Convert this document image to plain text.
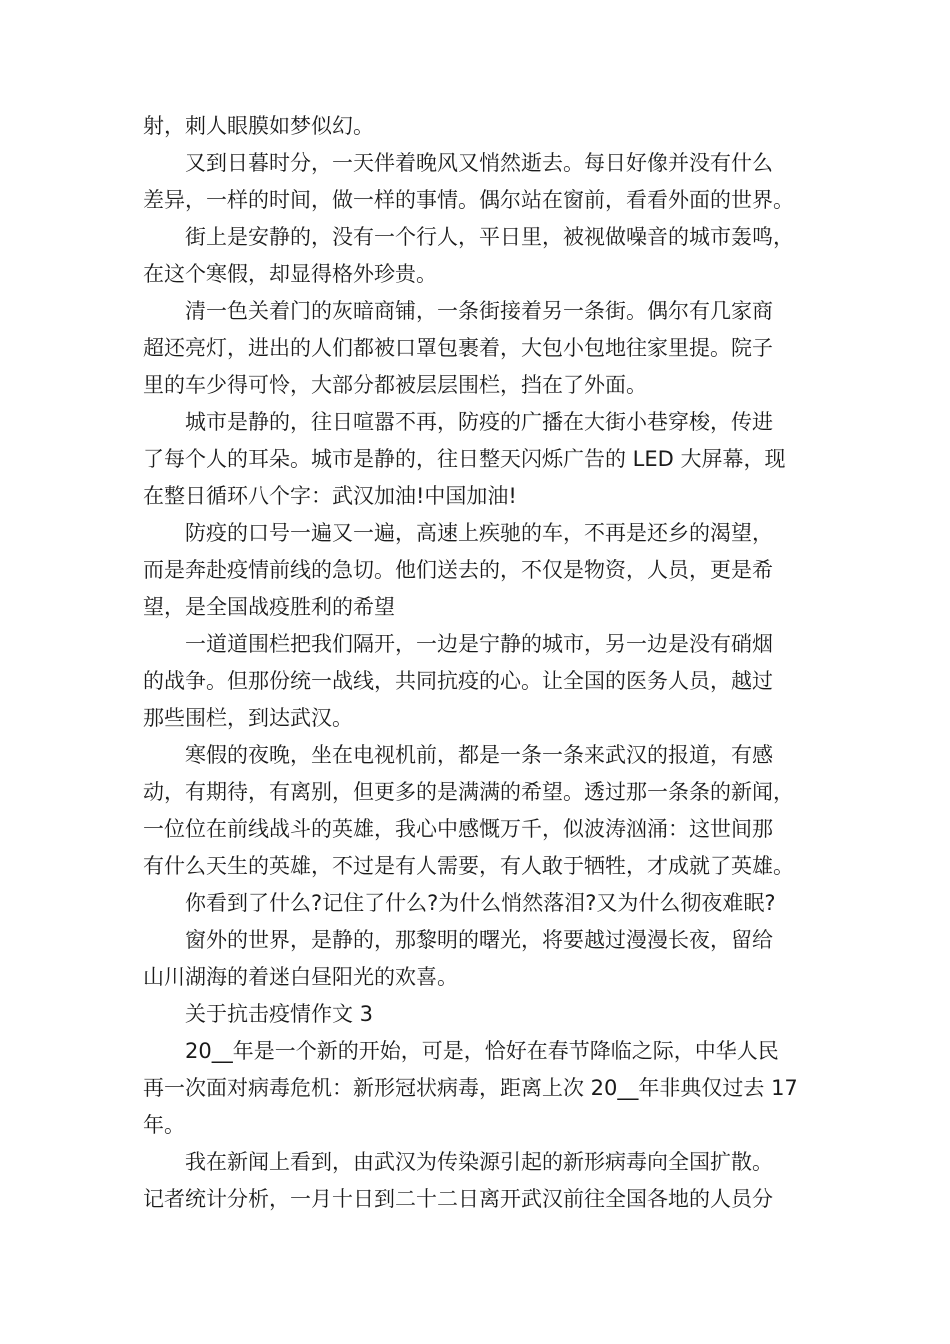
射，刺人眼膜如梦似幻。
又到日暮时分，一天伴着晚风又悄然逝去。每日好像并没有什么
差异，一样的时间，做一样的事情。偶尔站在窗前，看看外面的世界。
街上是安静的，没有一个行人，平日里，被视做噪音的城市轰鸣，
在这个寒假，却显得格外珍贵。
清一色关着门的灰暗商铺，一条街接着另一条街。偶尔有几家商
超还亮灯，进出的人们都被口罩包裹着，大包小包地往家里提。院子
里的车少得可怜，大部分都被层层围栏，挡在了外面。
城市是静的，往日喧嚣不再，防疫的广播在大街小巷穿梭，传进
了每个人的耳朵。城市是静的，往日整天闪烁广告的 LED 大屏幕，现
在整日循环八个字：武汉加油!中国加油!
防疫的口号一遍又一遍，高速上疾驰的车，不再是还乡的渴望，
而是奔赴疫情前线的急切。他们送去的，不仅是物资，人员，更是希
望，是全国战疫胜利的希望
一道道围栏把我们隔开，一边是宁静的城市，另一边是没有硝烟
的战争。但那份统一战线，共同抗疫的心。让全国的医务人员，越过
那些围栏，到达武汉。
寒假的夜晚，坐在电视机前，都是一条一条来武汉的报道，有感
动，有期待，有离别，但更多的是满满的希望。透过那一条条的新闻，
一位位在前线战斗的英雄，我心中感慨万千，似波涛汹涌：这世间那
有什么天生的英雄，不过是有人需要，有人敢于牺牲，才成就了英雄。
你看到了什么?记住了什么?为什么悄然落泪?又为什么彻夜难眠?
窗外的世界，是静的，那黎明的曙光，将要越过漫漫长夜，留给
山川湖海的着迷白昼阳光的欢喜。
关于抗击疫情作文 3
20__年是一个新的开始，可是，恰好在春节降临之际，中华人民
再一次面对病毒危机：新形冠状病毒，距离上次 20__年非典仅过去 17
年。
我在新闻上看到，由武汉为传染源引起的新形病毒向全国扩散。
记者统计分析，一月十日到二十二日离开武汉前往全国各地的人员分
